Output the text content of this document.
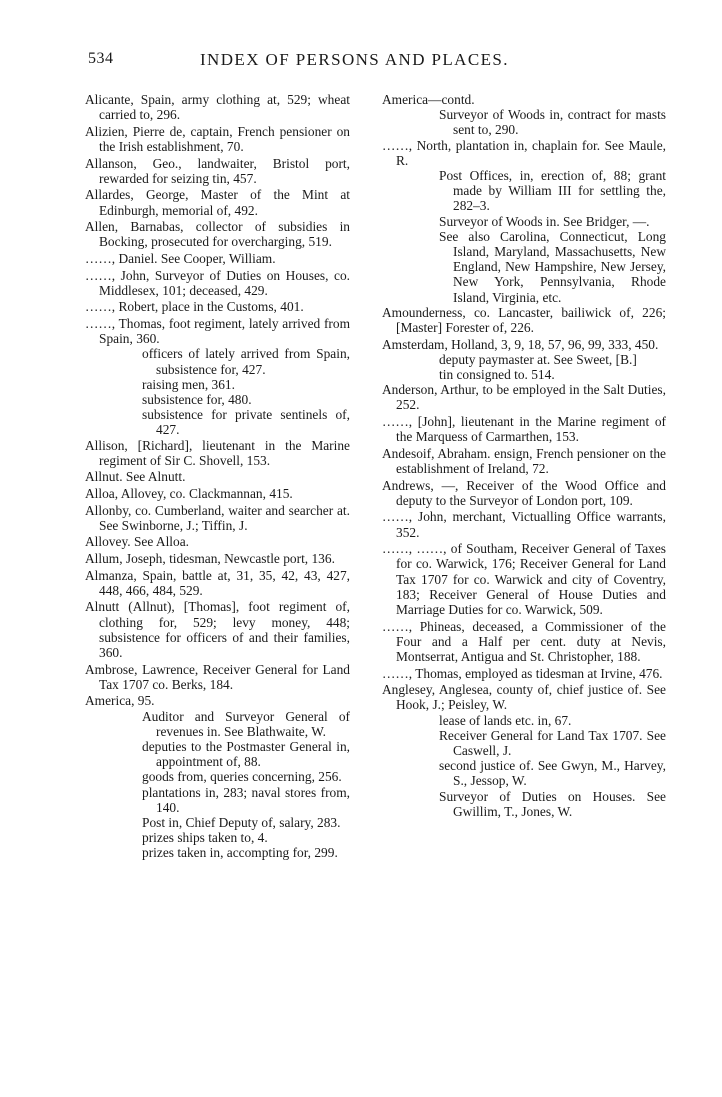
534	INDEX OF PERSONS AND PLACES.

Alicante, Spain, army clothing at, 529; wheat carried to, 296.

Alizien, Pierre de, captain, French pensioner on the Irish establishment, 70.

Allanson, Geo., landwaiter, Bristol port, rewarded for seizing tin, 457.

Allardes, George, Master of the Mint at Edinburgh, memorial of, 492.

Allen, Barnabas, collector of subsidies in Bocking, prosecuted for overcharging, 519.

……, Daniel. See Cooper, William.

……, John, Surveyor of Duties on Houses, co. Middlesex, 101; deceased, 429.

……, Robert, place in the Customs, 401.

……, Thomas, foot regiment, lately arrived from Spain, 360.

officers of lately arrived from Spain, subsistence for, 427.

raising men, 361.

subsistence for, 480.

subsistence for private sentinels of, 427.

Allison, [Richard], lieutenant in the Marine regiment of Sir C. Shovell, 153.

Allnut. See Alnutt.

Alloa, Allovey, co. Clackmannan, 415.

Allonby, co. Cumberland, waiter and searcher at. See Swinborne, J.; Tiffin, J.

Allovey. See Alloa.

Allum, Joseph, tidesman, Newcastle port, 136.

Almanza, Spain, battle at, 31, 35, 42, 43, 427, 448, 466, 484, 529.

Alnutt (Allnut), [Thomas], foot regiment of, clothing for, 529; levy money, 448; subsistence for officers of and their families, 360.

Ambrose, Lawrence, Receiver General for Land Tax 1707 co. Berks, 184.

America, 95.

Auditor and Surveyor General of revenues in. See Blathwaite, W.

deputies to the Postmaster General in, appointment of, 88.

goods from, queries concerning, 256.

plantations in, 283; naval stores from, 140.

Post in, Chief Deputy of, salary, 283.

prizes ships taken to, 4.

prizes taken in, accompting for, 299.

America—contd.

Surveyor of Woods in, contract for masts sent to, 290.

……, North, plantation in, chaplain for. See Maule, R.

Post Offices, in, erection of, 88; grant made by William III for settling the, 282–3.

Surveyor of Woods in. See Bridger, —.

See also Carolina, Connecticut, Long Island, Maryland, Massachusetts, New England, New Hampshire, New Jersey, New York, Pennsylvania, Rhode Island, Virginia, etc.

Amounderness, co. Lancaster, bailiwick of, 226; [Master] Forester of, 226.

Amsterdam, Holland, 3, 9, 18, 57, 96, 99, 333, 450.

deputy paymaster at. See Sweet, [B.]

tin consigned to. 514.

Anderson, Arthur, to be employed in the Salt Duties, 252.

……, [John], lieutenant in the Marine regiment of the Marquess of Carmarthen, 153.

Andesoif, Abraham. ensign, French pensioner on the establishment of Ireland, 72.

Andrews, —, Receiver of the Wood Office and deputy to the Surveyor of London port, 109.

……, John, merchant, Victualling Office warrants, 352.

……, ……, of Southam, Receiver General of Taxes for co. Warwick, 176; Receiver General for Land Tax 1707 for co. Warwick and city of Coventry, 183; Receiver General of House Duties and Marriage Duties for co. Warwick, 509.

……, Phineas, deceased, a Commissioner of the Four and a Half per cent. duty at Nevis, Montserrat, Antigua and St. Christopher, 188.

……, Thomas, employed as tidesman at Irvine, 476.

Anglesey, Anglesea, county of, chief justice of. See Hook, J.; Peisley, W.

lease of lands etc. in, 67.

Receiver General for Land Tax 1707. See Caswell, J.

second justice of. See Gwyn, M., Harvey, S., Jessop, W.

Surveyor of Duties on Houses. See Gwillim, T., Jones, W.
